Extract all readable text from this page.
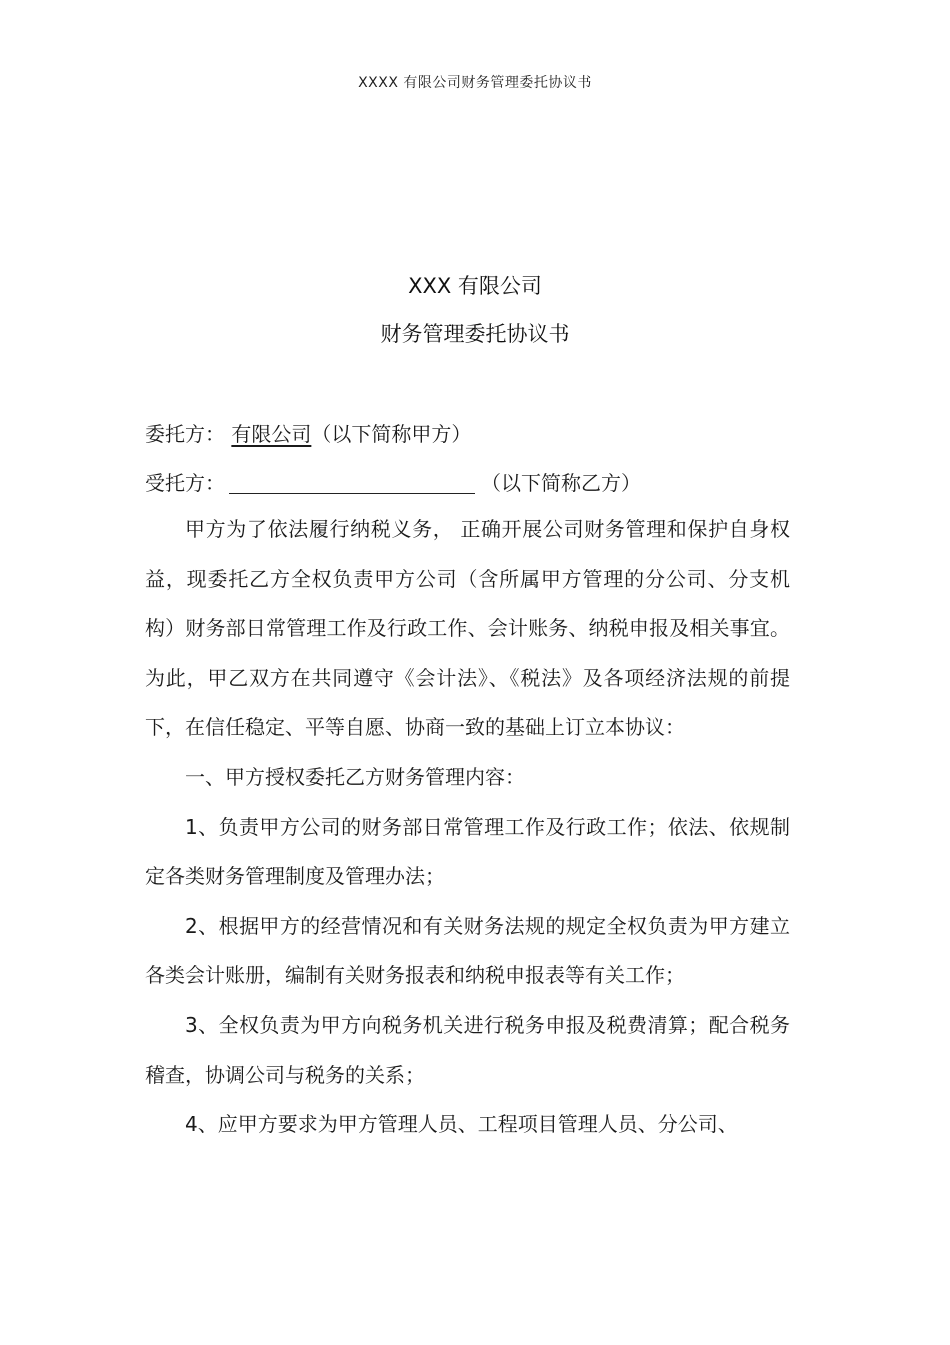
XXXX 有限公司财务管理委托协议书
XXX 有限公司
财务管理委托协议书
委托方： 有限公司（以下简称甲方）
受托方：	（以下简称乙方）

甲方为了依法履行纳税义务， 正确开展公司财务管理和保护自身权益，现委托乙方全权负责甲方公司（含所属甲方管理的分公司、分支机构）财务部日常管理工作及行政工作、会计账务、纳税申报及相关事宜。为此，甲乙双方在共同遵守《会计法》、《税法》及各项经济法规的前提下，在信任稳定、平等自愿、协商一致的基础上订立本协议：

一、甲方授权委托乙方财务管理内容：

1、负责甲方公司的财务部日常管理工作及行政工作；依法、依规制定各类财务管理制度及管理办法；

2、根据甲方的经营情况和有关财务法规的规定全权负责为甲方建立各类会计账册，编制有关财务报表和纳税申报表等有关工作；

3、全权负责为甲方向税务机关进行税务申报及税费清算；配合税务稽查，协调公司与税务的关系；

4、应甲方要求为甲方管理人员、工程项目管理人员、分公司、
